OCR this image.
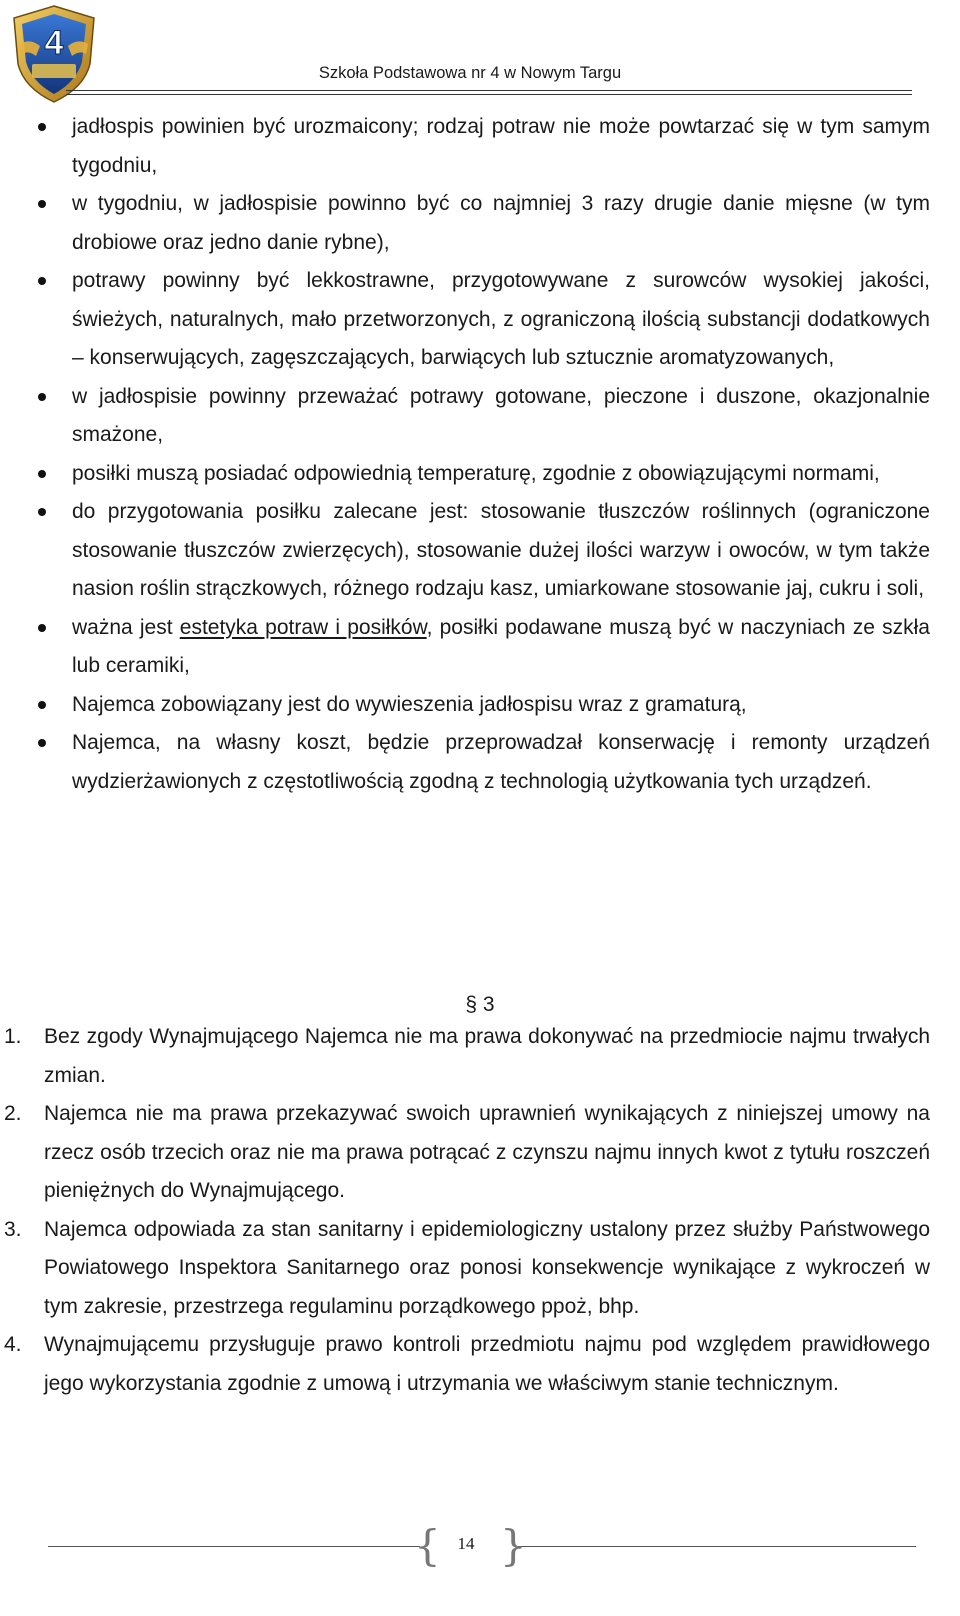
4
Szkoła Podstawowa nr 4 w Nowym Targu
jadłospis powinien być urozmaicony; rodzaj potraw nie może powtarzać się w tym samym tygodniu,
w tygodniu, w jadłospisie powinno być co najmniej 3 razy drugie danie mięsne (w tym drobiowe oraz jedno danie rybne),
potrawy powinny być lekkostrawne, przygotowywane z surowców wysokiej jakości, świeżych, naturalnych, mało przetworzonych, z ograniczoną ilością substancji dodatkowych – konserwujących, zagęszczających, barwiących lub sztucznie aromatyzowanych,
w jadłospisie powinny przeważać potrawy gotowane, pieczone i duszone, okazjonalnie smażone,
posiłki muszą posiadać odpowiednią temperaturę, zgodnie z obowiązującymi normami,
do przygotowania posiłku zalecane jest: stosowanie tłuszczów roślinnych (ograniczone stosowanie tłuszczów zwierzęcych), stosowanie dużej ilości warzyw i owoców, w tym także nasion roślin strączkowych, różnego rodzaju kasz, umiarkowane stosowanie jaj, cukru i soli,
ważna jest estetyka potraw i posiłków, posiłki podawane muszą być w naczyniach ze szkła lub ceramiki,
Najemca zobowiązany jest do wywieszenia jadłospisu wraz z gramaturą,
Najemca, na własny koszt, będzie przeprowadzał konserwację i remonty urządzeń wydzierżawionych z częstotliwością zgodną z technologią użytkowania tych urządzeń.
§ 3
1. Bez zgody Wynajmującego Najemca nie ma prawa dokonywać na przedmiocie najmu trwałych zmian.
2. Najemca nie ma prawa przekazywać swoich uprawnień wynikających z niniejszej umowy na rzecz osób trzecich oraz nie ma prawa potrącać z czynszu najmu innych kwot z tytułu roszczeń pieniężnych do Wynajmującego.
3. Najemca odpowiada za stan sanitarny i epidemiologiczny ustalony przez służby Państwowego Powiatowego Inspektora Sanitarnego oraz ponosi konsekwencje wynikające z wykroczeń w tym zakresie, przestrzega regulaminu porządkowego ppoż, bhp.
4. Wynajmującemu przysługuje prawo kontroli przedmiotu najmu pod względem prawidłowego jego wykorzystania zgodnie z umową i utrzymania we właściwym stanie technicznym.
{ }
14
